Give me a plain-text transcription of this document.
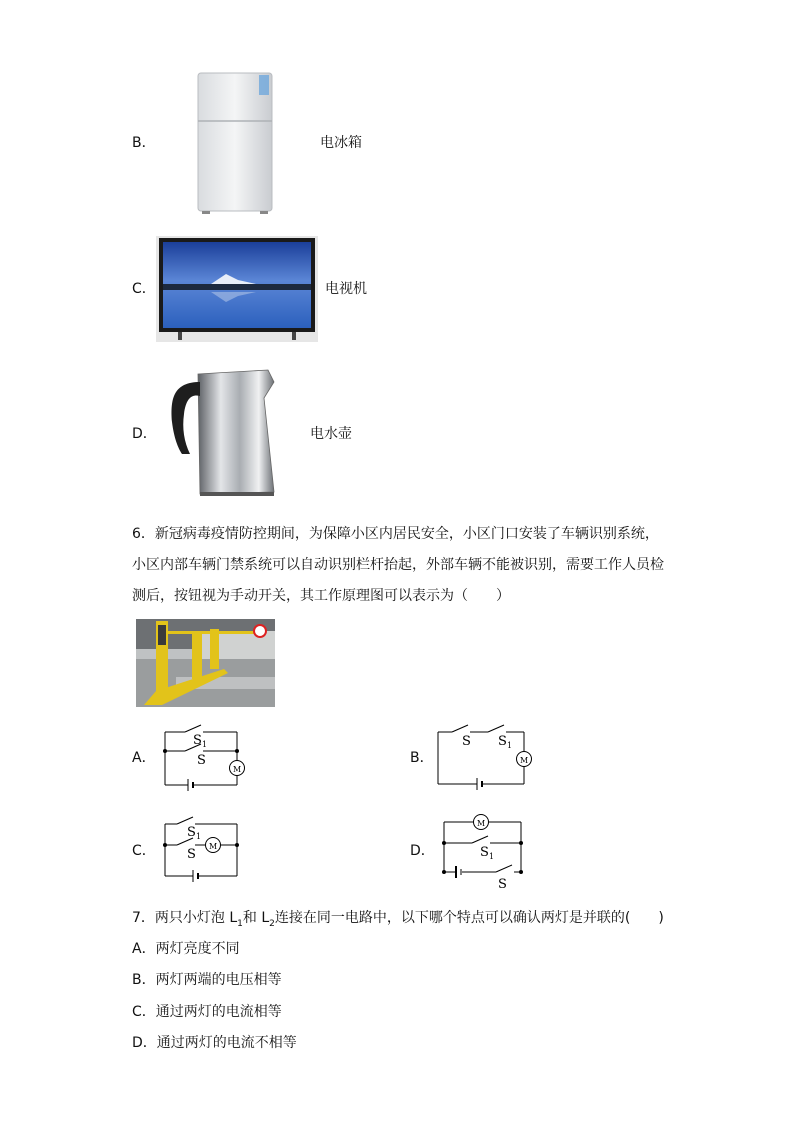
B．	电冰箱
C．	电视机
D．	电水壶
6．新冠病毒疫情防控期间，为保障小区内居民安全，小区门口安装了车辆识别系统，
小区内部车辆门禁系统可以自动识别栏杆抬起，外部车辆不能被识别，需要工作人员检
测后，按钮视为手动开关，其工作原理图可以表示为（　　）
A．
S 1
S
M
B．
S S 1
M
C．
S 1
S
M	D．
M
S 1
S
7．两只小灯泡 $L_1$和 $L_2$连接在同一电路中，以下哪个特点可以确认两灯是并联的(　　)
A．两灯亮度不同
B．两灯两端的电压相等
C．通过两灯的电流相等
D．通过两灯的电流不相等
